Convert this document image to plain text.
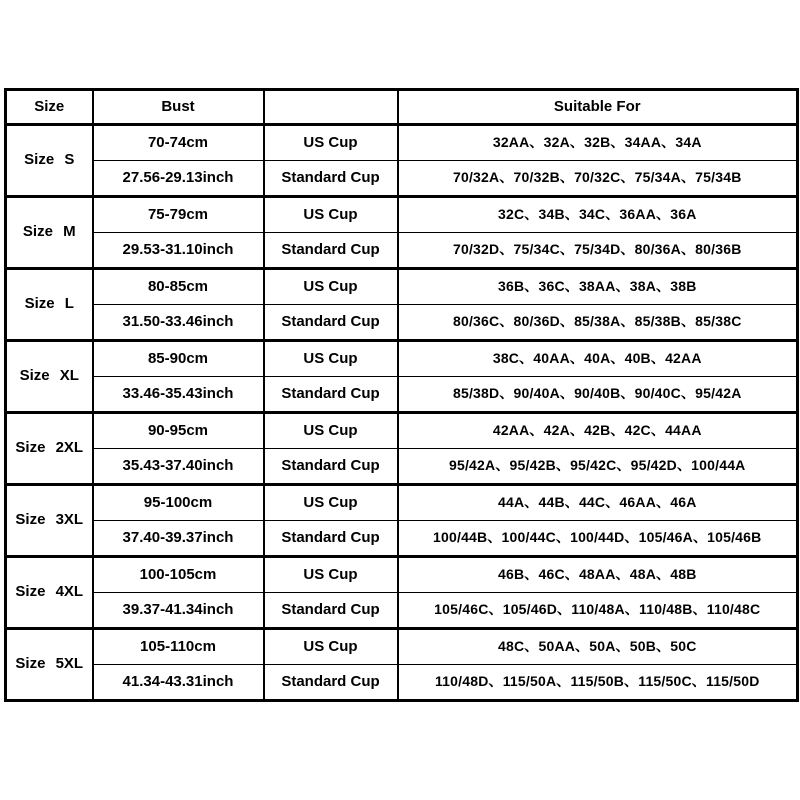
Size	Bust		Suitable For
Size S	70-74cm	US Cup	32AA、32A、32B、34AA、34A
	27.56-29.13inch	Standard Cup	70/32A、70/32B、70/32C、75/34A、75/34B
Size M	75-79cm	US Cup	32C、34B、34C、36AA、36A
	29.53-31.10inch	Standard Cup	70/32D、75/34C、75/34D、80/36A、80/36B
Size L	80-85cm	US Cup	36B、36C、38AA、38A、38B
	31.50-33.46inch	Standard Cup	80/36C、80/36D、85/38A、85/38B、85/38C
Size XL	85-90cm	US Cup	38C、40AA、40A、40B、42AA
	33.46-35.43inch	Standard Cup	85/38D、90/40A、90/40B、90/40C、95/42A
Size 2XL	90-95cm	US Cup	42AA、42A、42B、42C、44AA
	35.43-37.40inch	Standard Cup	95/42A、95/42B、95/42C、95/42D、100/44A
Size 3XL	95-100cm	US Cup	44A、44B、44C、46AA、46A
	37.40-39.37inch	Standard Cup	100/44B、100/44C、100/44D、105/46A、105/46B
Size 4XL	100-105cm	US Cup	46B、46C、48AA、48A、48B
	39.37-41.34inch	Standard Cup	105/46C、105/46D、110/48A、110/48B、110/48C
Size 5XL	105-110cm	US Cup	48C、50AA、50A、50B、50C
	41.34-43.31inch	Standard Cup	110/48D、115/50A、115/50B、115/50C、115/50D
